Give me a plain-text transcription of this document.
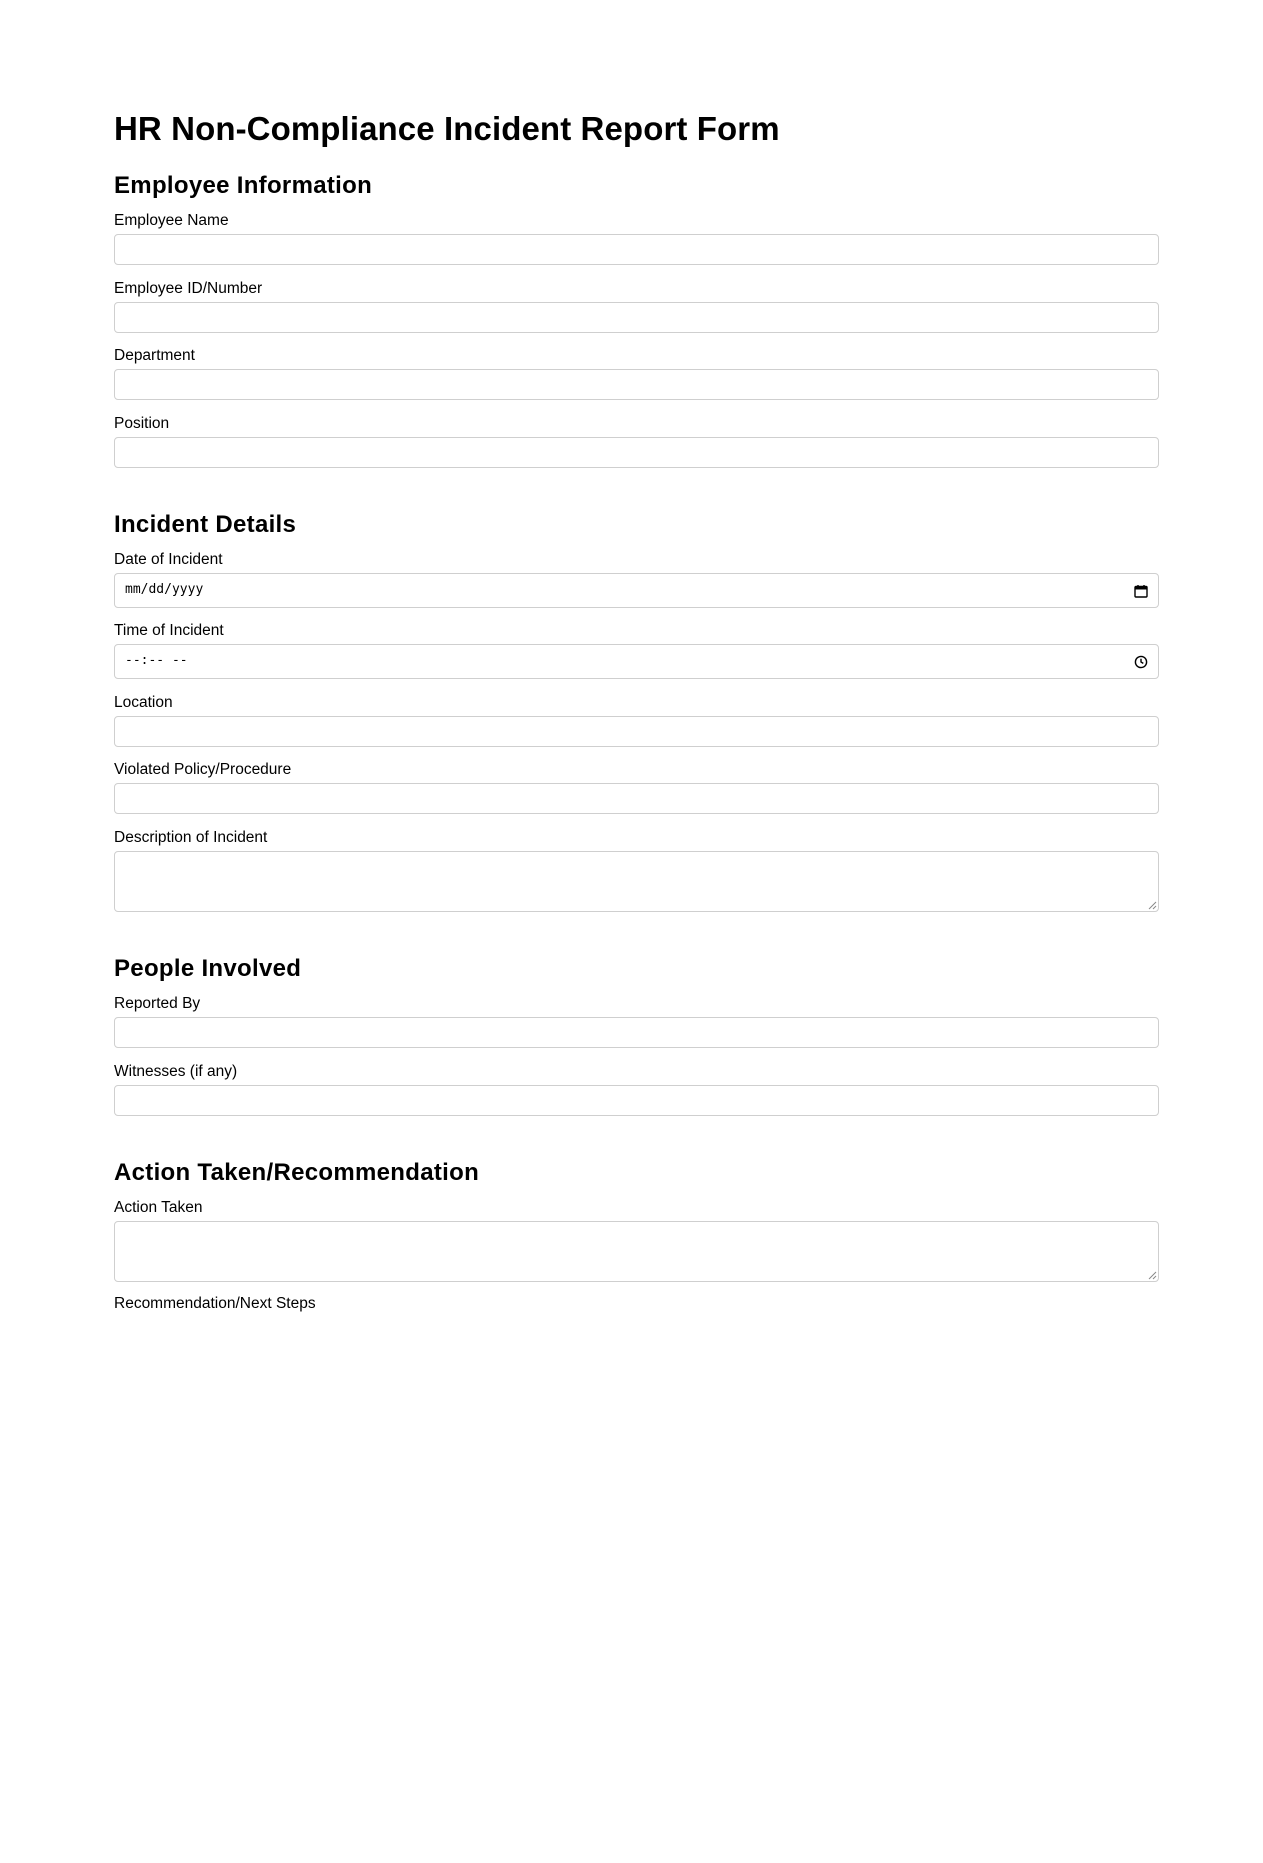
HR Non-Compliance Incident Report Form
Employee Information
Employee Name
Employee ID/Number
Department
Position
Incident Details
Date of Incident
mm/dd/yyyy
Time of Incident
--:-- --
Location
Violated Policy/Procedure
Description of Incident
People Involved
Reported By
Witnesses (if any)
Action Taken/Recommendation
Action Taken
Recommendation/Next Steps
